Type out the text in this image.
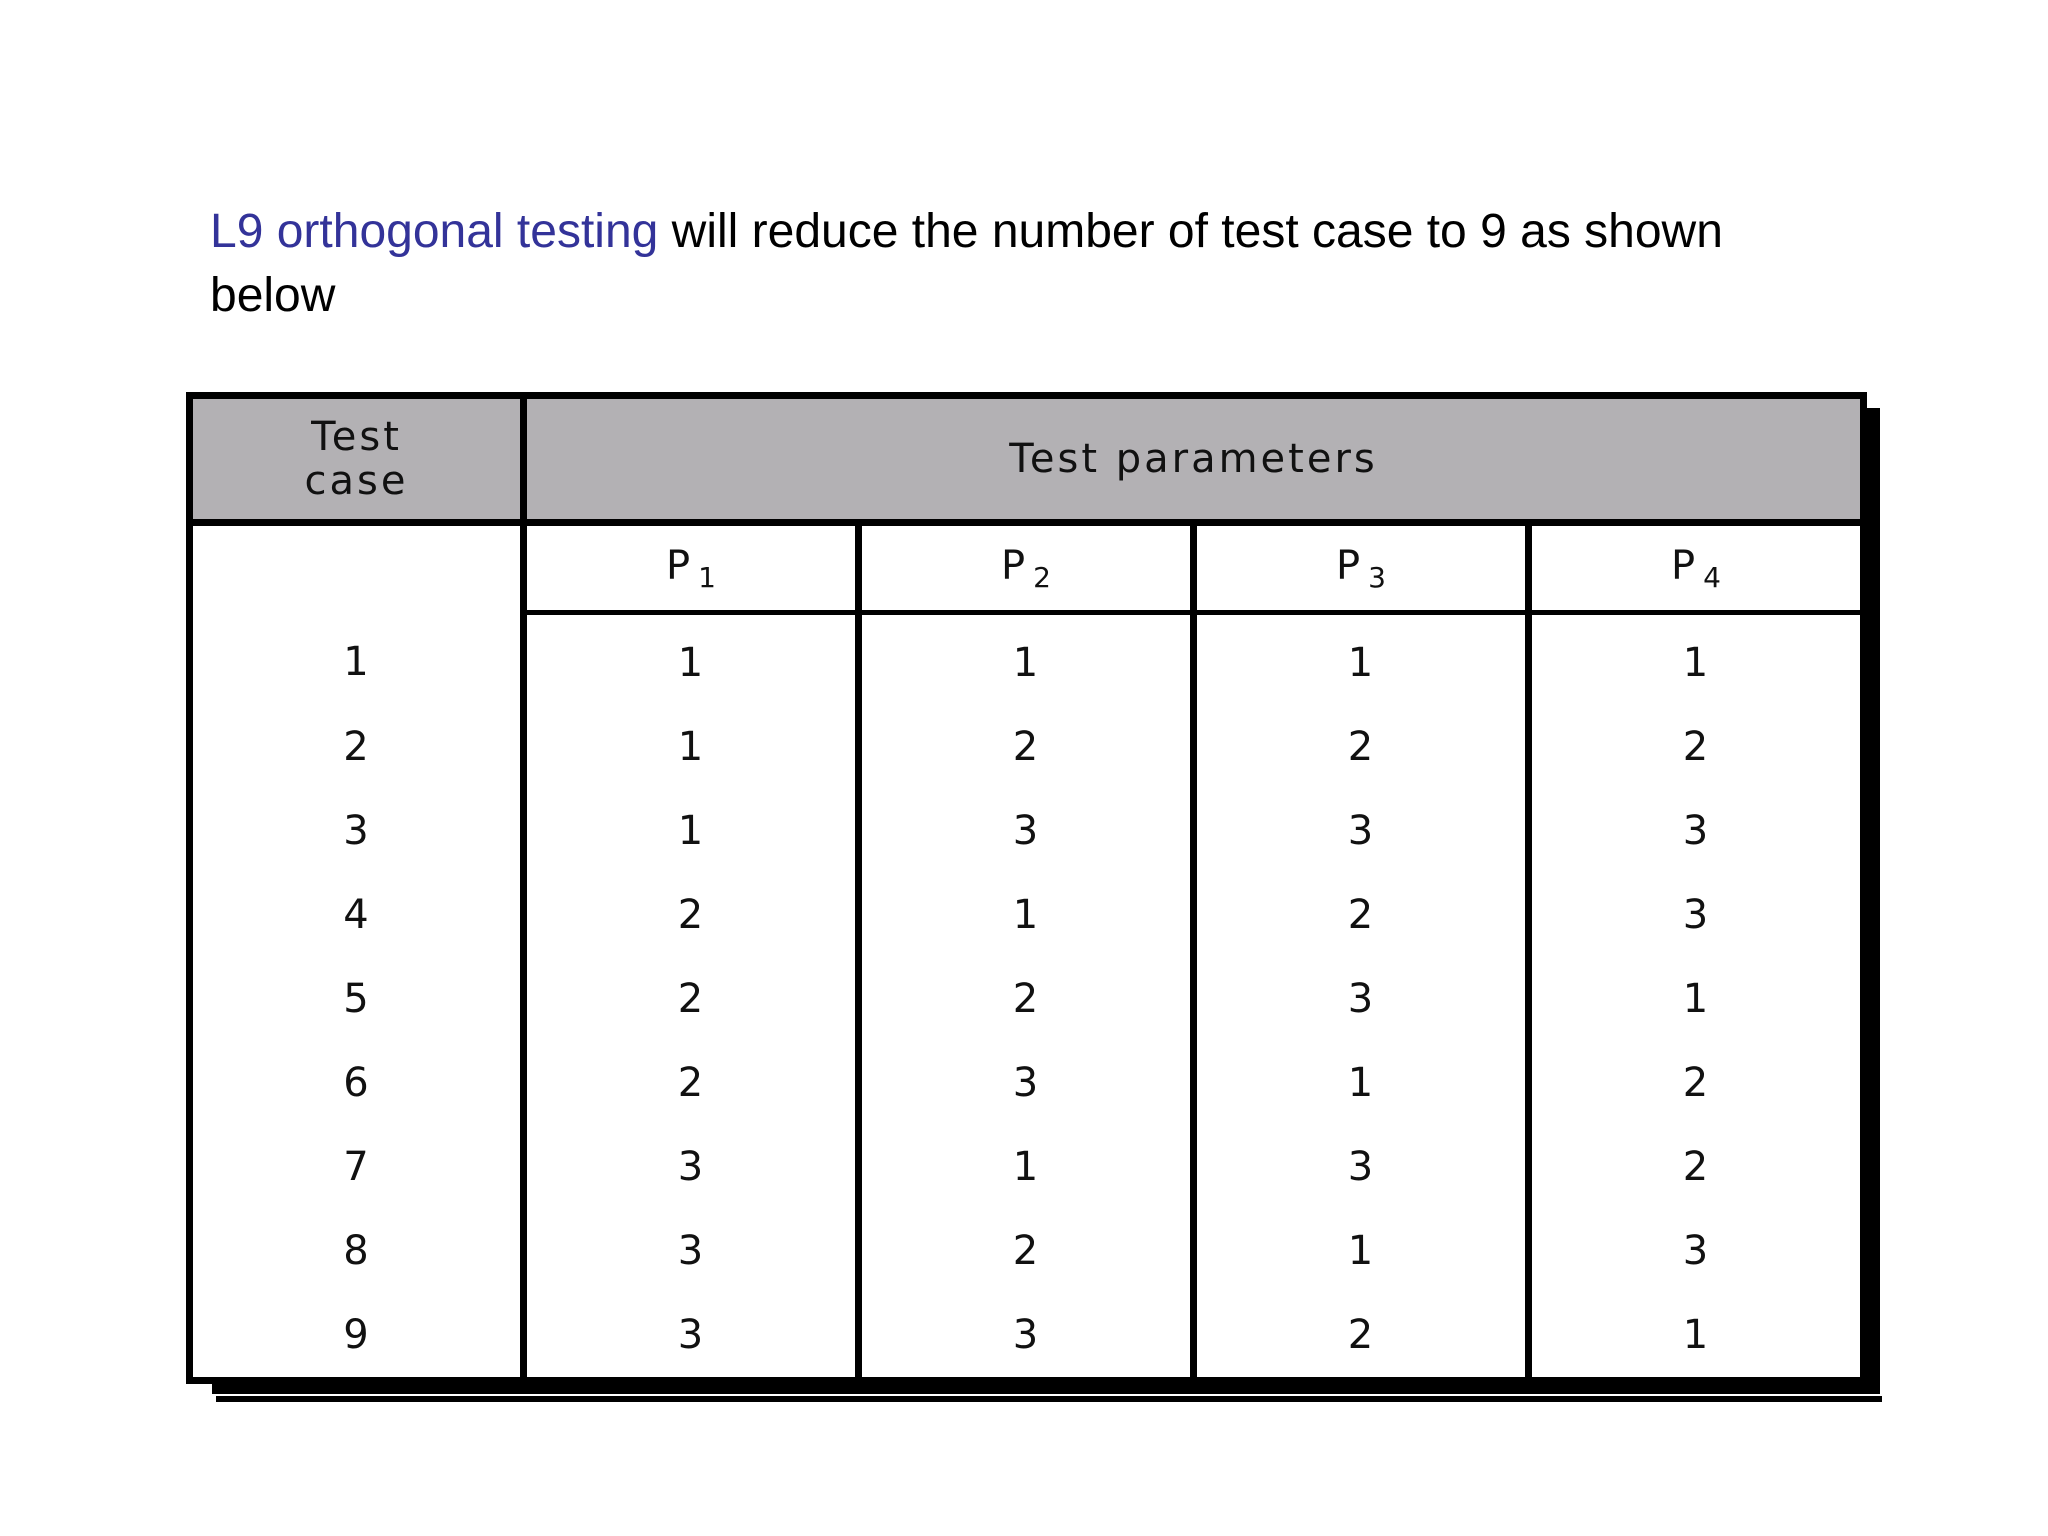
L9 orthogonal testing will reduce the number of test case to 9 as shown below
Test
case	Test parameters			
	P $_1$	P $_2$	P $_3$	P $_4$
1	1	1	1	1
2	1	2	2	2
3	1	3	3	3
4	2	1	2	3
5	2	2	3	1
6	2	3	1	2
7	3	1	3	2
8	3	2	1	3
9	3	3	2	1
